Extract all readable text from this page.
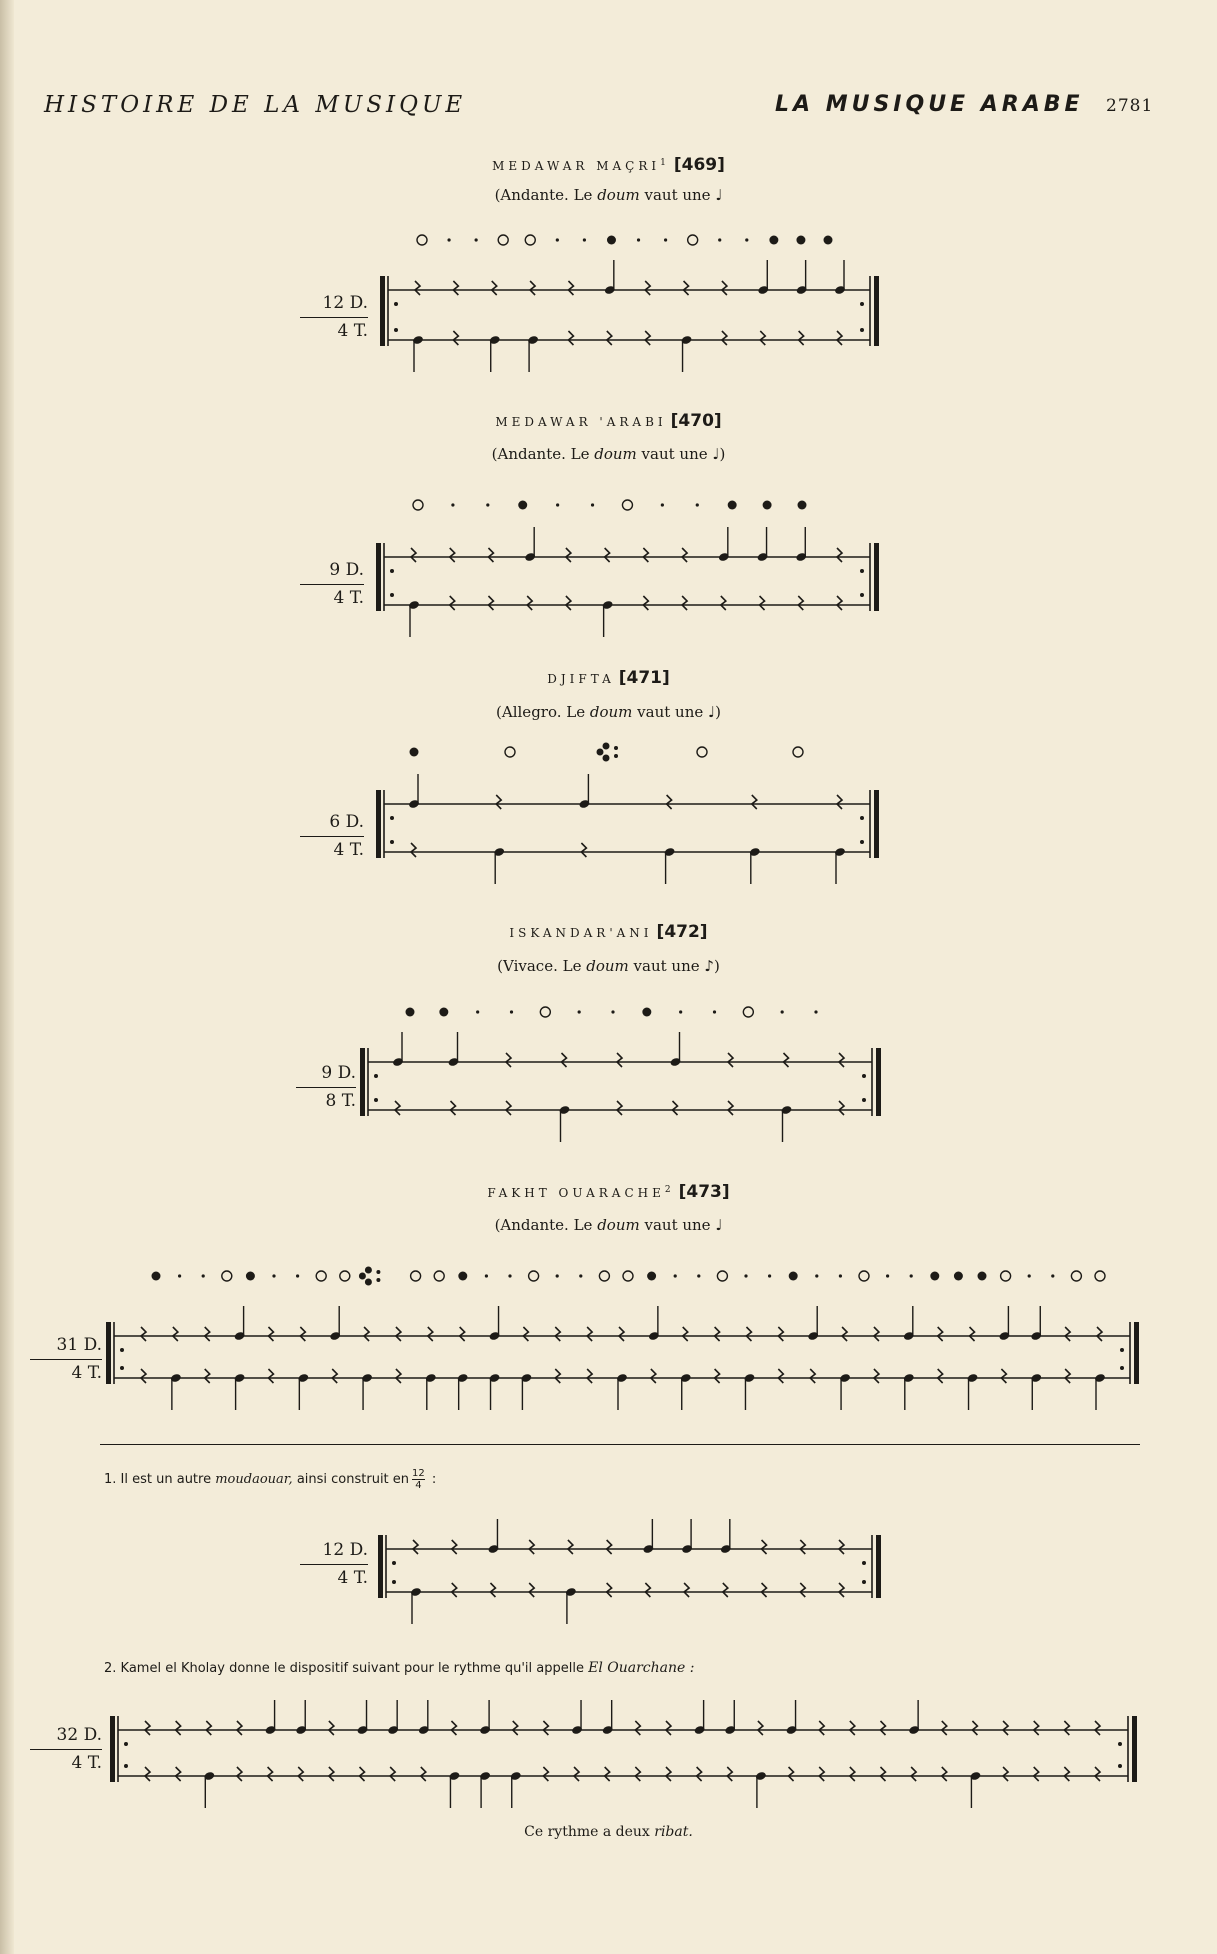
HISTOIRE DE LA MUSIQUE	LA MUSIQUE ARABE 2781
MEDAWAR MAÇRI$^1$ [469]
(Andante. Le doum vaut une ♩
12 D.
4 T.
MEDAWAR 'ARABI [470]
(Andante. Le doum vaut une ♩)
9 D.
4 T.
DJIFTA [471]
(Allegro. Le doum vaut une ♩)
6 D.
4 T.
ISKANDAR'ANI [472]
(Vivace. Le doum vaut une ♪)
9 D.
8 T.
FAKHT OUARACHE$^2$ [473]
(Andante. Le doum vaut une ♩
31 D.
4 T.
1. Il est un autre moudaouar, ainsi construit en $\frac{12}{4}$ :
12 D.
4 T.
2. Kamel el Kholay donne le dispositif suivant pour le rythme qu'il appelle El Ouarchane :
32 D.
4 T.
Ce rythme a deux ribat.
